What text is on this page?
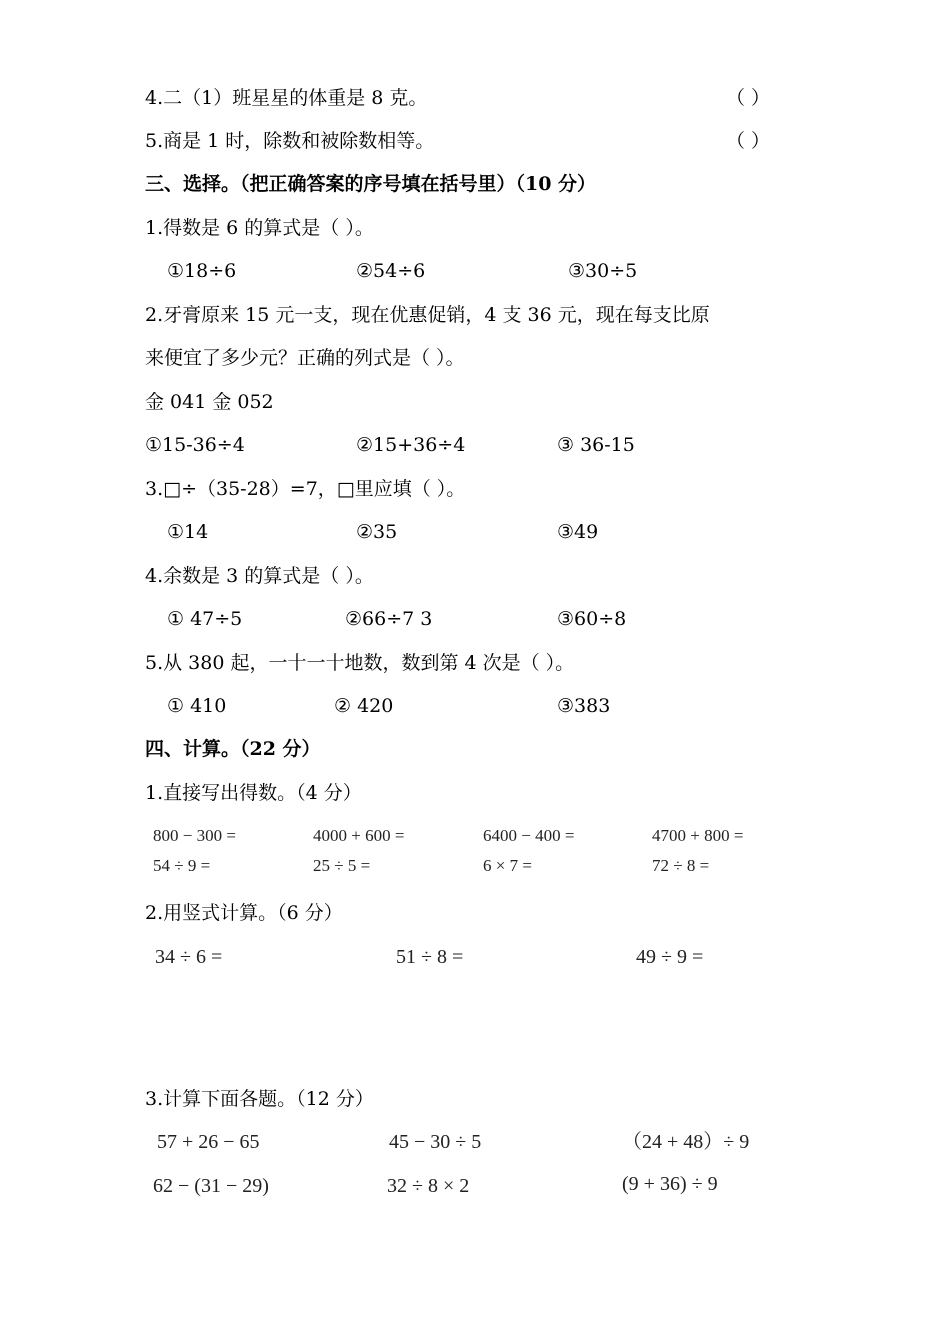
4.二（1）班星星的体重是 8 克。	（ ）
5.商是 1 时，除数和被除数相等。	（ ）
三、选择。（把正确答案的序号填在括号里）（10 分）
1.得数是 6 的算式是（ ）。
①18÷6	②54÷6	③30÷5
2.牙膏原来 15 元一支，现在优惠促销，4 支 36 元，现在每支比原
来便宜了多少元？正确的列式是（ ）。
金 041 金 052
①15-36÷4	②15+36÷4	③ 36-15
3.□÷（35-28）=7，□里应填（ ）。
①14	②35	③49
4.余数是 3 的算式是（ ）。
① 47÷5	②66÷7 3	③60÷8
5.从 380 起，一十一十地数，数到第 4 次是（ ）。
① 410	② 420	③383
四、计算。（22 分）
1.直接写出得数。（4 分）
800 − 300 =	4000 + 600 =	6400 − 400 =	4700 + 800 =
54 ÷ 9 =	25 ÷ 5 =	6 × 7 =	72 ÷ 8 =
2.用竖式计算。（6 分）
34 ÷ 6 =	51 ÷ 8 =	49 ÷ 9 =
3.计算下面各题。（12 分）
57 + 26 − 65	45 − 30 ÷ 5	（24 + 48）÷ 9
62 − (31 − 29)	32 ÷ 8 × 2	(9 + 36) ÷ 9
